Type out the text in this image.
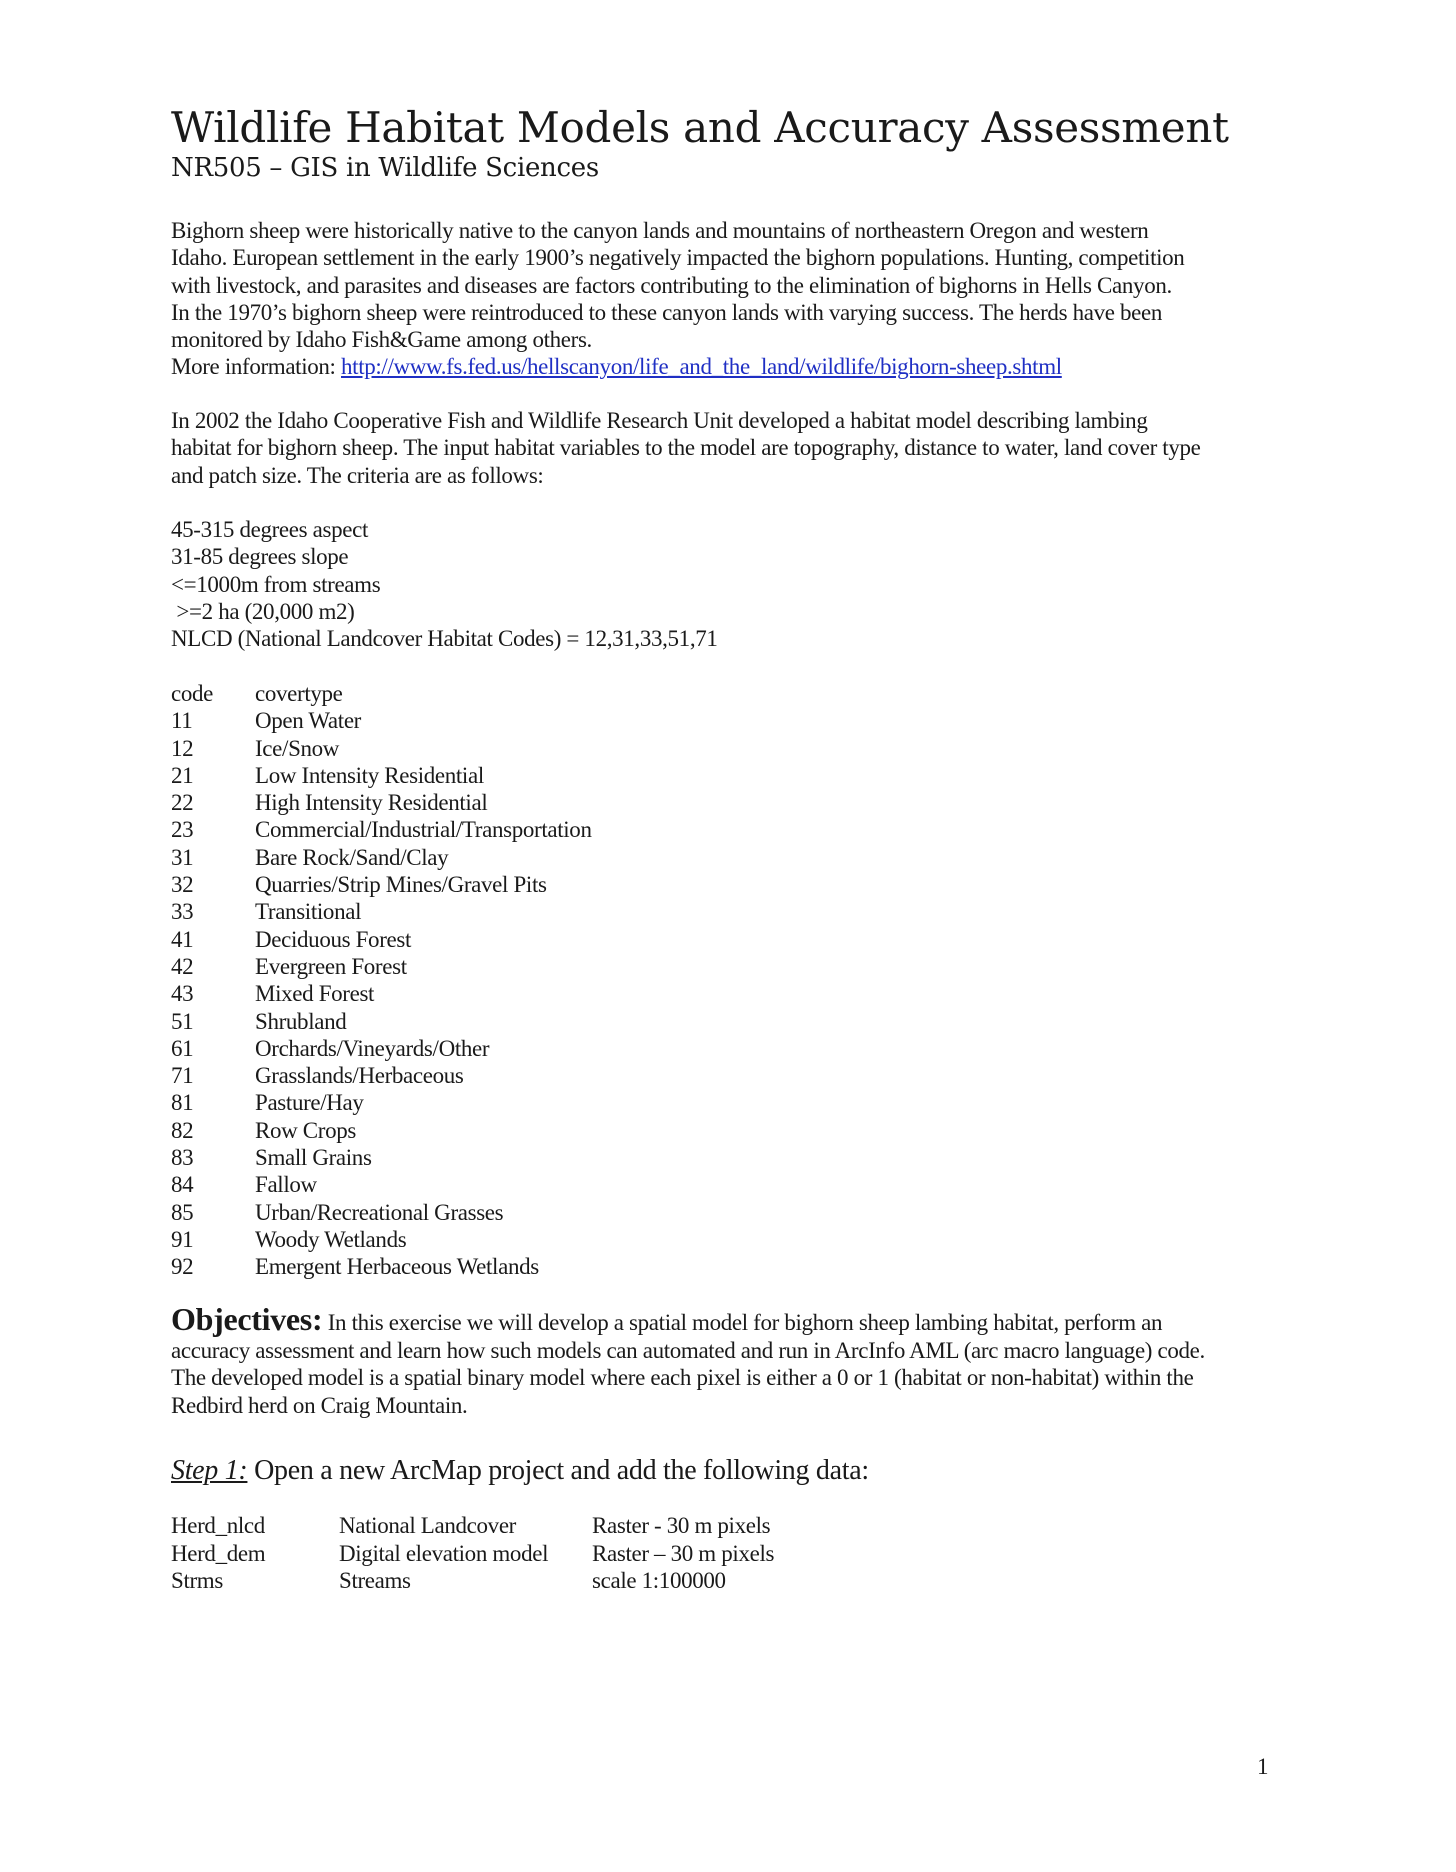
Wildlife Habitat Models and Accuracy Assessment
NR505 – GIS in Wildlife Sciences
Bighorn sheep were historically native to the canyon lands and mountains of northeastern Oregon and western
Idaho. European settlement in the early 1900’s negatively impacted the bighorn populations. Hunting, competition
with livestock, and parasites and diseases are factors contributing to the elimination of bighorns in Hells Canyon.
In the 1970’s bighorn sheep were reintroduced to these canyon lands with varying success. The herds have been
monitored by Idaho Fish&Game among others.
More information: http://www.fs.fed.us/hellscanyon/life_and_the_land/wildlife/bighorn-sheep.shtml
In 2002 the Idaho Cooperative Fish and Wildlife Research Unit developed a habitat model describing lambing
habitat for bighorn sheep. The input habitat variables to the model are topography, distance to water, land cover type
and patch size. The criteria are as follows:
45-315 degrees aspect
31-85 degrees slope
<=1000m from streams
>=2 ha (20,000 m2)
NLCD (National Landcover Habitat Codes) = 12,31,33,51,71
code	covertype
11	Open Water
12	Ice/Snow
21	Low Intensity Residential
22	High Intensity Residential
23	Commercial/Industrial/Transportation
31	Bare Rock/Sand/Clay
32	Quarries/Strip Mines/Gravel Pits
33	Transitional
41	Deciduous Forest
42	Evergreen Forest
43	Mixed Forest
51	Shrubland
61	Orchards/Vineyards/Other
71	Grasslands/Herbaceous
81	Pasture/Hay
82	Row Crops
83	Small Grains
84	Fallow
85	Urban/Recreational Grasses
91	Woody Wetlands
92	Emergent Herbaceous Wetlands
Objectives: In this exercise we will develop a spatial model for bighorn sheep lambing habitat, perform an
accuracy assessment and learn how such models can automated and run in ArcInfo AML (arc macro language) code.
The developed model is a spatial binary model where each pixel is either a 0 or 1 (habitat or non-habitat) within the
Redbird herd on Craig Mountain.
Step 1: Open a new ArcMap project and add the following data:
Herd_nlcd	National Landcover	Raster - 30 m pixels
Herd_dem	Digital elevation model	Raster – 30 m pixels
Strms	Streams	scale 1:100000
1
